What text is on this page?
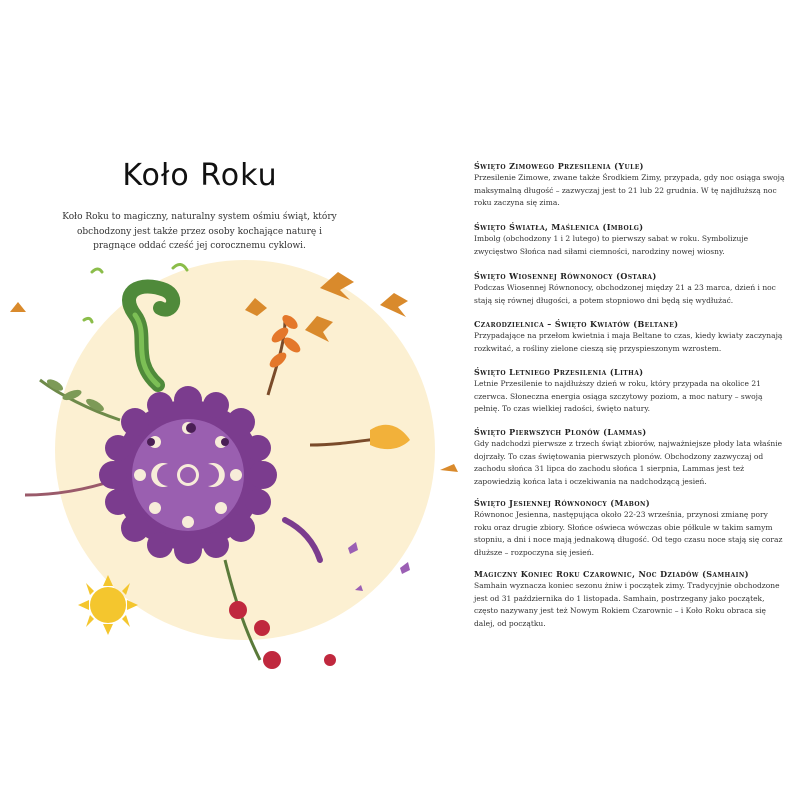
Koło Roku

Koło Roku to magiczny, naturalny system ośmiu świąt, który obchodzony jest także przez osoby kochające naturę i pragnące oddać cześć jej corocznemu cyklowi.

Święto Zimowego Przesilenia (Yule)

Przesilenie Zimowe, zwane także Środkiem Zimy, przypada, gdy noc osiąga swoją maksymalną długość – zazwyczaj jest to 21 lub 22 grudnia. W tę najdłuższą noc roku zaczyna się zima.

Święto Światła, Maślenica (Imbolg)

Imbolg (obchodzony 1 i 2 lutego) to pierwszy sabat w roku. Symbolizuje zwycięstwo Słońca nad siłami ciemności, narodziny nowej wiosny.

Święto Wiosennej Równonocy (Ostara)

Podczas Wiosennej Równonocy, obchodzonej między 21 a 23 marca, dzień i noc stają się równej długości, a potem stopniowo dni będą się wydłużać.

Czarodzielnica – Święto Kwiatów (Beltane)

Przypadające na przełom kwietnia i maja Beltane to czas, kiedy kwiaty zaczynają rozkwitać, a rośliny zielone cieszą się przyspieszonym wzrostem.

Święto Letniego Przesilenia (Litha)

Letnie Przesilenie to najdłuższy dzień w roku, który przypada na okolice 21 czerwca. Słoneczna energia osiąga szczytowy poziom, a moc natury – swoją pełnię. To czas wielkiej radości, święto natury.

Święto Pierwszych Plonów (Lammas)

Gdy nadchodzi pierwsze z trzech świąt zbiorów, najważniejsze płody lata właśnie dojrzały. To czas świętowania pierwszych plonów. Obchodzony zazwyczaj od zachodu słońca 31 lipca do zachodu słońca 1 sierpnia, Lammas jest też zapowiedzią końca lata i oczekiwania na nadchodzącą jesień.

Święto Jesiennej Równonocy (Mabon)

Równonoc Jesienna, następująca około 22-23 września, przynosi zmianę pory roku oraz drugie zbiory. Słońce oświeca wówczas obie półkule w takim samym stopniu, a dni i noce mają jednakową długość. Od tego czasu noce stają się coraz dłuższe – rozpoczyna się jesień.

Magiczny Koniec Roku Czarownic, Noc Dziadów (Samhain)

Samhain wyznacza koniec sezonu żniw i początek zimy. Tradycyjnie obchodzone jest od 31 października do 1 listopada. Samhain, postrzegany jako początek, często nazywany jest też Nowym Rokiem Czarownic – i Koło Roku obraca się dalej, od początku.
